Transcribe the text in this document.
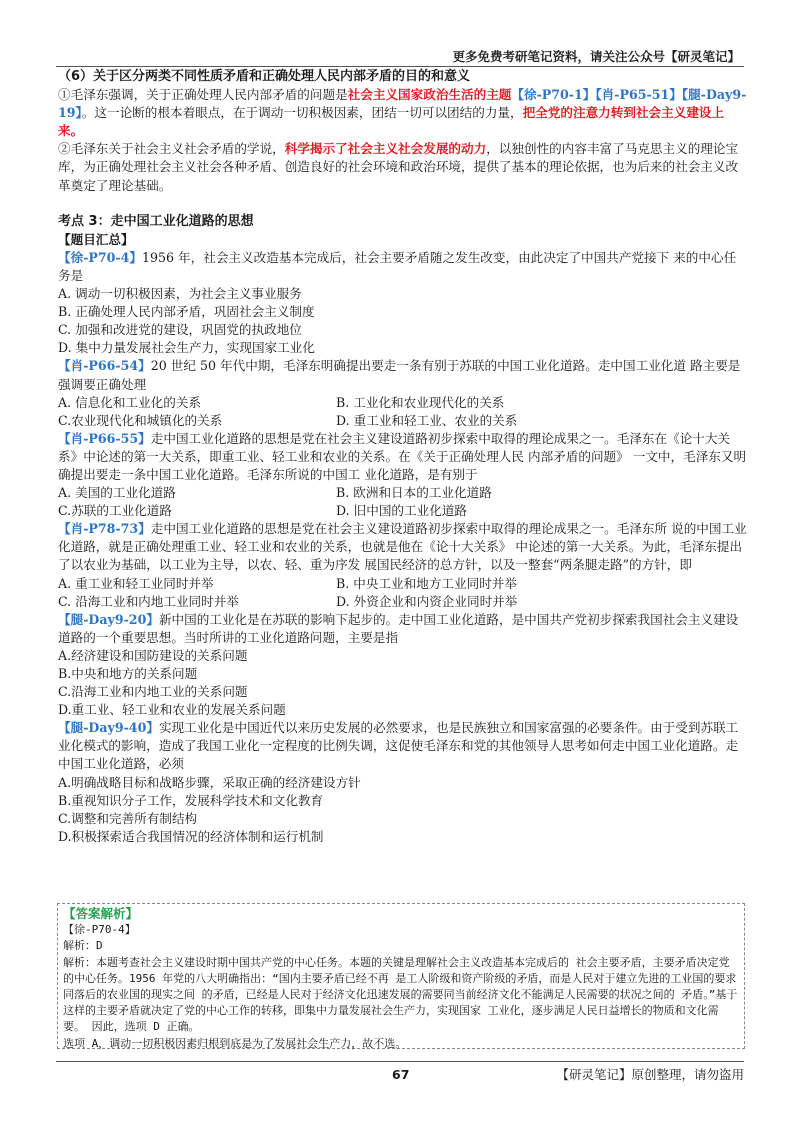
更多免费考研笔记资料，请关注公众号【研灵笔记】

（6）关于区分两类不同性质矛盾和正确处理人民内部矛盾的目的和意义

①毛泽东强调，关于正确处理人民内部矛盾的问题是社会主义国家政治生活的主题【徐-P70-1】【肖-P65-51】【腿-Day9-19】。这一论断的根本着眼点，在于调动一切积极因素，团结一切可以团结的力量，把全党的注意力转到社会主义建设上来。

②毛泽东关于社会主义社会矛盾的学说，科学揭示了社会主义社会发展的动力，以独创性的内容丰富了马克思主义的理论宝库，为正确处理社会主义社会各种矛盾、创造良好的社会环境和政治环境，提供了基本的理论依据，也为后来的社会主义改革奠定了理论基础。

考点 3：走中国工业化道路的思想

【题目汇总】

【徐-P70-4】1956 年，社会主义改造基本完成后，社会主要矛盾随之发生改变，由此决定了中国共产党接下 来的中心任务是

A. 调动一切积极因素，为社会主义事业服务

B. 正确处理人民内部矛盾，巩固社会主义制度

C. 加强和改进党的建设，巩固党的执政地位

D. 集中力量发展社会生产力，实现国家工业化

【肖-P66-54】20 世纪 50 年代中期，毛泽东明确提出要走一条有别于苏联的中国工业化道路。走中国工业化道 路主要是强调要正确处理

A. 信息化和工业化的关系	B. 工业化和农业现代化的关系
C.农业现代化和城镇化的关系	D. 重工业和轻工业、农业的关系

【肖-P66-55】走中国工业化道路的思想是党在社会主义建设道路初步探索中取得的理论成果之一。毛泽东在《论十大关系》中论述的第一大关系，即重工业、轻工业和农业的关系。在《关于正确处理人民 内部矛盾的问题》 一文中，毛泽东又明确提出要走一条中国工业化道路。毛泽东所说的中国工 业化道路，是有别于

A. 美国的工业化道路	B. 欧洲和日本的工业化道路
C.苏联的工业化道路	D. 旧中国的工业化道路

【肖-P78-73】走中国工业化道路的思想是党在社会主义建设道路初步探索中取得的理论成果之一。毛泽东所 说的中国工业化道路，就是正确处理重工业、轻工业和农业的关系，也就是他在《论十大关系》 中论述的第一大关系。为此，毛泽东提出了以农业为基础，以工业为主导，以农、轻、重为序发 展国民经济的总方针，以及一整套“两条腿走路”的方针，即

A. 重工业和轻工业同时并举	B. 中央工业和地方工业同时并举
C. 沿海工业和内地工业同时并举	D. 外资企业和内资企业同时并举

【腿-Day9-20】新中国的工业化是在苏联的影响下起步的。走中国工业化道路，是中国共产党初步探索我国社会主义建设道路的一个重要思想。当时所讲的工业化道路问题，主要是指

A.经济建设和国防建设的关系问题

B.中央和地方的关系问题

C.沿海工业和内地工业的关系问题

D.重工业、轻工业和农业的发展关系问题

【腿-Day9-40】实现工业化是中国近代以来历史发展的必然要求，也是民族独立和国家富强的必要条件。由于受到苏联工业化模式的影响，造成了我国工业化一定程度的比例失调，这促使毛泽东和党的其他领导人思考如何走中国工业化道路。走中国工业化道路，必须

A.明确战略目标和战略步骤，采取正确的经济建设方针

B.重视知识分子工作，发展科学技术和文化教育

C.调整和完善所有制结构

D.积极探索适合我国情况的经济体制和运行机制

【答案解析】
【徐-P70-4】
解析：D
解析：本题考查社会主义建设时期中国共产党的中心任务。本题的关键是理解社会主义改造基本完成后的 社会主要矛盾，主要矛盾决定党的中心任务。1956 年党的八大明确指出：“国内主要矛盾已经不再 是工人阶级和资产阶级的矛盾，而是人民对于建立先进的工业国的要求同落后的农业国的现实之间 的矛盾，已经是人民对于经济文化迅速发展的需要同当前经济文化不能满足人民需要的状况之间的 矛盾。”基于这样的主要矛盾就决定了党的中心工作的转移，即集中力量发展社会生产力，实现国家 工业化，逐步满足人民日益增长的物质和文化需要。 因此，选项 D 正确。
选项 A，调动一切积极因素归根到底是为了发展社会生产力，故不选。
67	【研灵笔记】原创整理，请勿盗用
